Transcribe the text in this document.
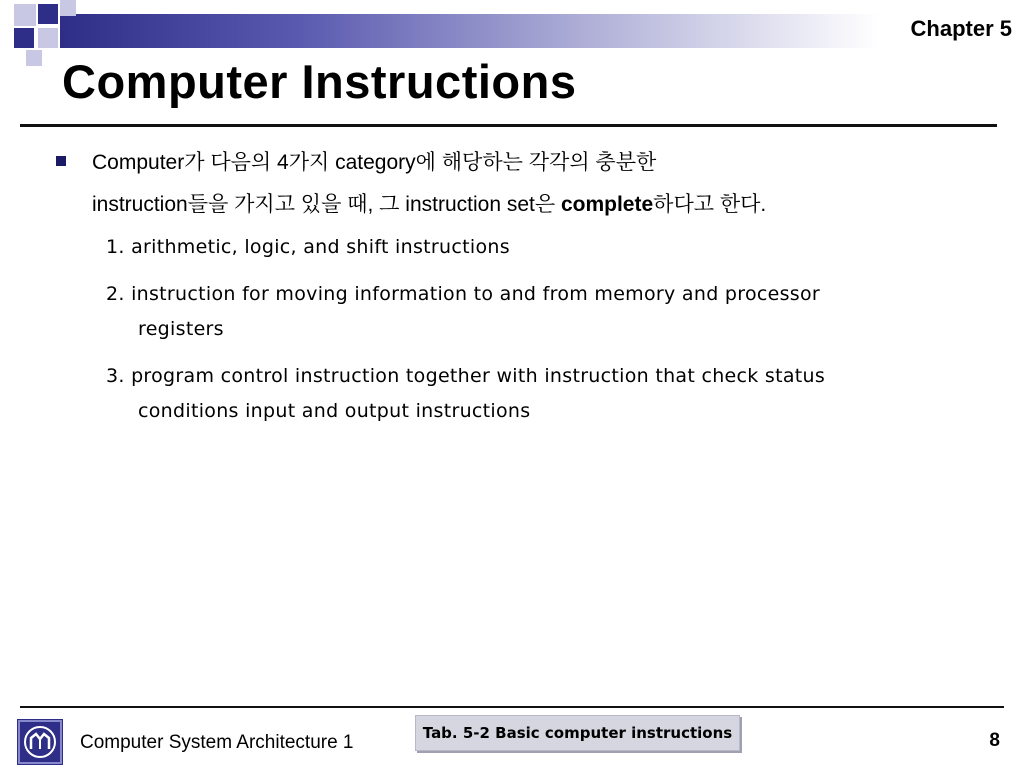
Chapter 5
Computer Instructions
Computer가 다음의 4가지 category에 해당하는 각각의 충분한
instruction들을 가지고 있을 때, 그 instruction set은 complete하다고 한다.
1. arithmetic, logic, and shift instructions
2. instruction for moving information to and from memory and processor
registers
3. program control instruction together with instruction that check status
conditions input and output instructions
Computer System Architecture 1	Tab. 5-2 Basic computer instructions	8
